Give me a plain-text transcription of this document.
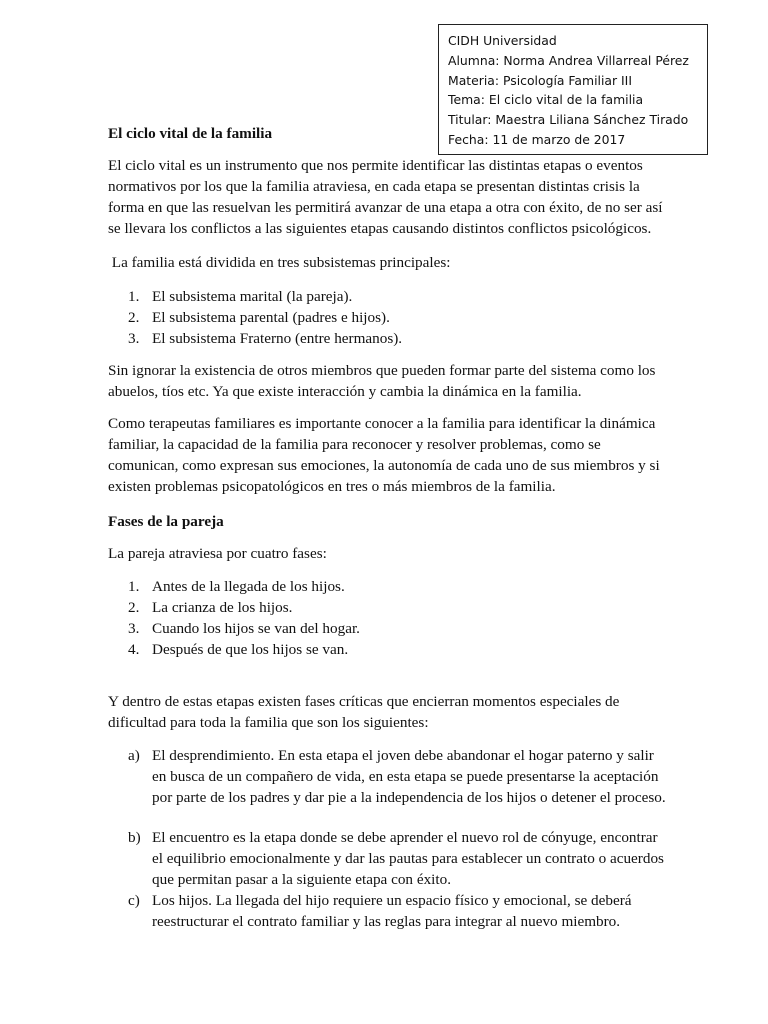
CIDH Universidad
Alumna: Norma Andrea Villarreal Pérez
Materia: Psicología Familiar III
Tema: El ciclo vital de la familia
Titular: Maestra Liliana Sánchez Tirado
Fecha: 11 de marzo de 2017
El ciclo vital de la familia
El ciclo vital es un instrumento que nos permite identificar las distintas etapas o eventos
normativos por los que la familia atraviesa, en cada etapa se presentan distintas crisis la
forma en que las resuelvan les permitirá avanzar de una etapa a otra con éxito, de no ser así
se llevara los conflictos a las siguientes etapas causando distintos conflictos psicológicos.
La familia está dividida en tres subsistemas principales:
1. El subsistema marital (la pareja).
2. El subsistema parental (padres e hijos).
3. El subsistema Fraterno (entre hermanos).
Sin ignorar la existencia de otros miembros que pueden formar parte del sistema como los
abuelos, tíos etc. Ya que existe interacción y cambia la dinámica en la familia.
Como terapeutas familiares es importante conocer a la familia para identificar la dinámica
familiar, la capacidad de la familia para reconocer y resolver problemas, como se
comunican, como expresan sus emociones, la autonomía de cada uno de sus miembros y si
existen problemas psicopatológicos en tres o más miembros de la familia.
Fases de la pareja
La pareja atraviesa por cuatro fases:
1. Antes de la llegada de los hijos.
2. La crianza de los hijos.
3. Cuando los hijos se van del hogar.
4. Después de que los hijos se van.
Y dentro de estas etapas existen fases críticas que encierran momentos especiales de
dificultad para toda la familia que son los siguientes:
a) El desprendimiento. En esta etapa el joven debe abandonar el hogar paterno y salir
en busca de un compañero de vida, en esta etapa se puede presentarse la aceptación
por parte de los padres y dar pie a la independencia de los hijos o detener el proceso.
b) El encuentro es la etapa donde se debe aprender el nuevo rol de cónyuge, encontrar
el equilibrio emocionalmente y dar las pautas para establecer un contrato o acuerdos
que permitan pasar a la siguiente etapa con éxito.
c) Los hijos. La llegada del hijo requiere un espacio físico y emocional, se deberá
reestructurar el contrato familiar y las reglas para integrar al nuevo miembro.
